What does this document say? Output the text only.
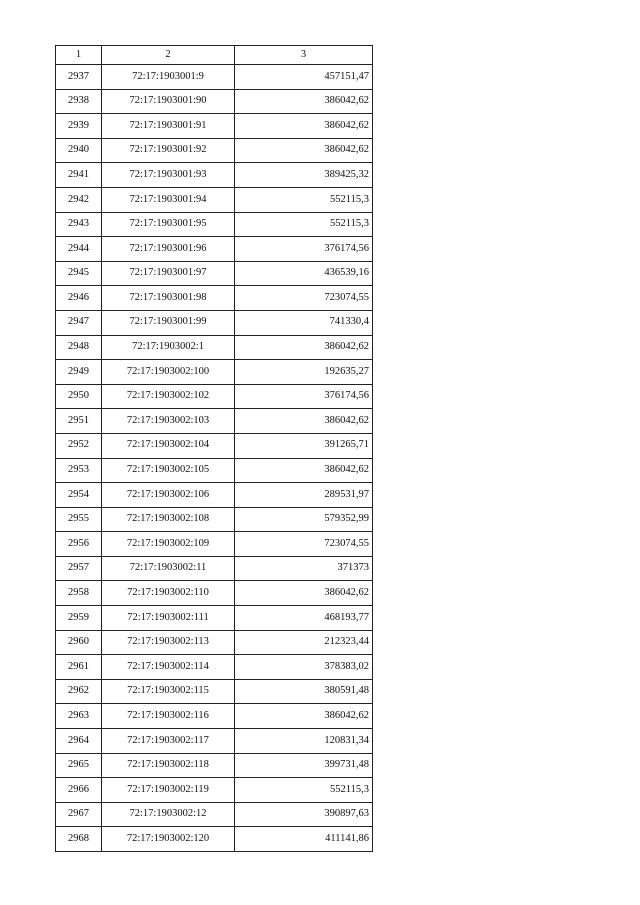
1	2	3
2937	72:17:1903001:9	457151,47
2938	72:17:1903001:90	386042,62
2939	72:17:1903001:91	386042,62
2940	72:17:1903001:92	386042,62
2941	72:17:1903001:93	389425,32
2942	72:17:1903001:94	552115,3
2943	72:17:1903001:95	552115,3
2944	72:17:1903001:96	376174,56
2945	72:17:1903001:97	436539,16
2946	72:17:1903001:98	723074,55
2947	72:17:1903001:99	741330,4
2948	72:17:1903002:1	386042,62
2949	72:17:1903002:100	192635,27
2950	72:17:1903002:102	376174,56
2951	72:17:1903002:103	386042,62
2952	72:17:1903002:104	391265,71
2953	72:17:1903002:105	386042,62
2954	72:17:1903002:106	289531,97
2955	72:17:1903002:108	579352,99
2956	72:17:1903002:109	723074,55
2957	72:17:1903002:11	371373
2958	72:17:1903002:110	386042,62
2959	72:17:1903002:111	468193,77
2960	72:17:1903002:113	212323,44
2961	72:17:1903002:114	378383,02
2962	72:17:1903002:115	380591,48
2963	72:17:1903002:116	386042,62
2964	72:17:1903002:117	120831,34
2965	72:17:1903002:118	399731,48
2966	72:17:1903002:119	552115,3
2967	72:17:1903002:12	390897,63
2968	72:17:1903002:120	411141,86
